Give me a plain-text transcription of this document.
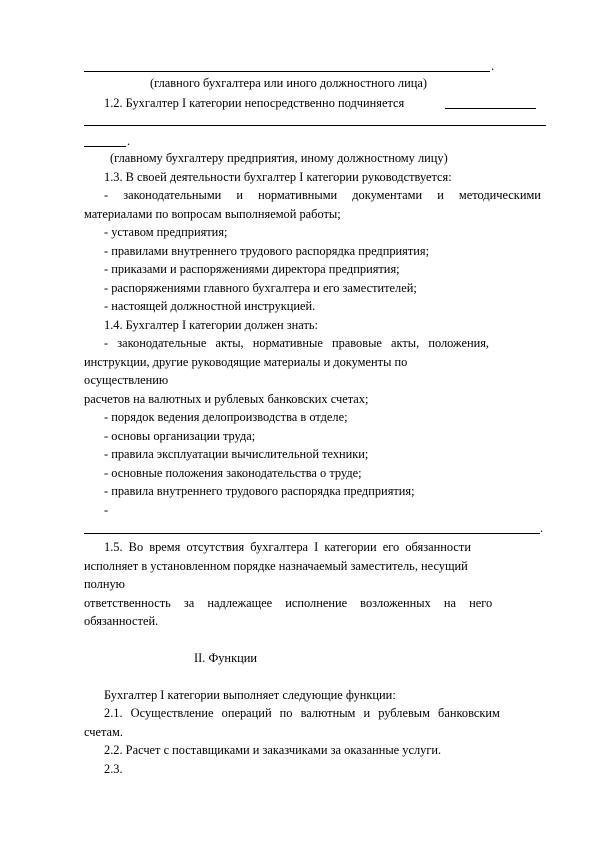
.
(главного бухгалтера или иного должностного лица)
1.2. Бухгалтер I категории непосредственно подчиняется
.
(главному бухгалтеру предприятия, иному должностному лицу)
1.3. В своей деятельности бухгалтер I категории руководствуется:
- законодательными и нормативными документами и методическими
материалами по вопросам выполняемой работы;
- уставом предприятия;
- правилами внутреннего трудового распорядка предприятия;
- приказами и распоряжениями директора предприятия;
- распоряжениями главного бухгалтера и его заместителей;
- настоящей должностной инструкцией.
1.4. Бухгалтер I категории должен знать:
- законодательные акты, нормативные правовые акты, положения,
инструкции, другие руководящие материалы и документы по
осуществлению
расчетов на валютных и рублевых банковских счетах;
- порядок ведения делопроизводства в отделе;
- основы организации труда;
- правила эксплуатации вычислительной техники;
- основные положения законодательства о труде;
- правила внутреннего трудового распорядка предприятия;
-
.
1.5. Во время отсутствия бухгалтера I категории его обязанности
исполняет в установленном порядке назначаемый заместитель, несущий
полную
ответственность за надлежащее исполнение возложенных на него
обязанностей.
II. Функции
Бухгалтер I категории выполняет следующие функции:
2.1. Осуществление операций по валютным и рублевым банковским
счетам.
2.2. Расчет с поставщиками и заказчиками за оказанные услуги.
2.3.
